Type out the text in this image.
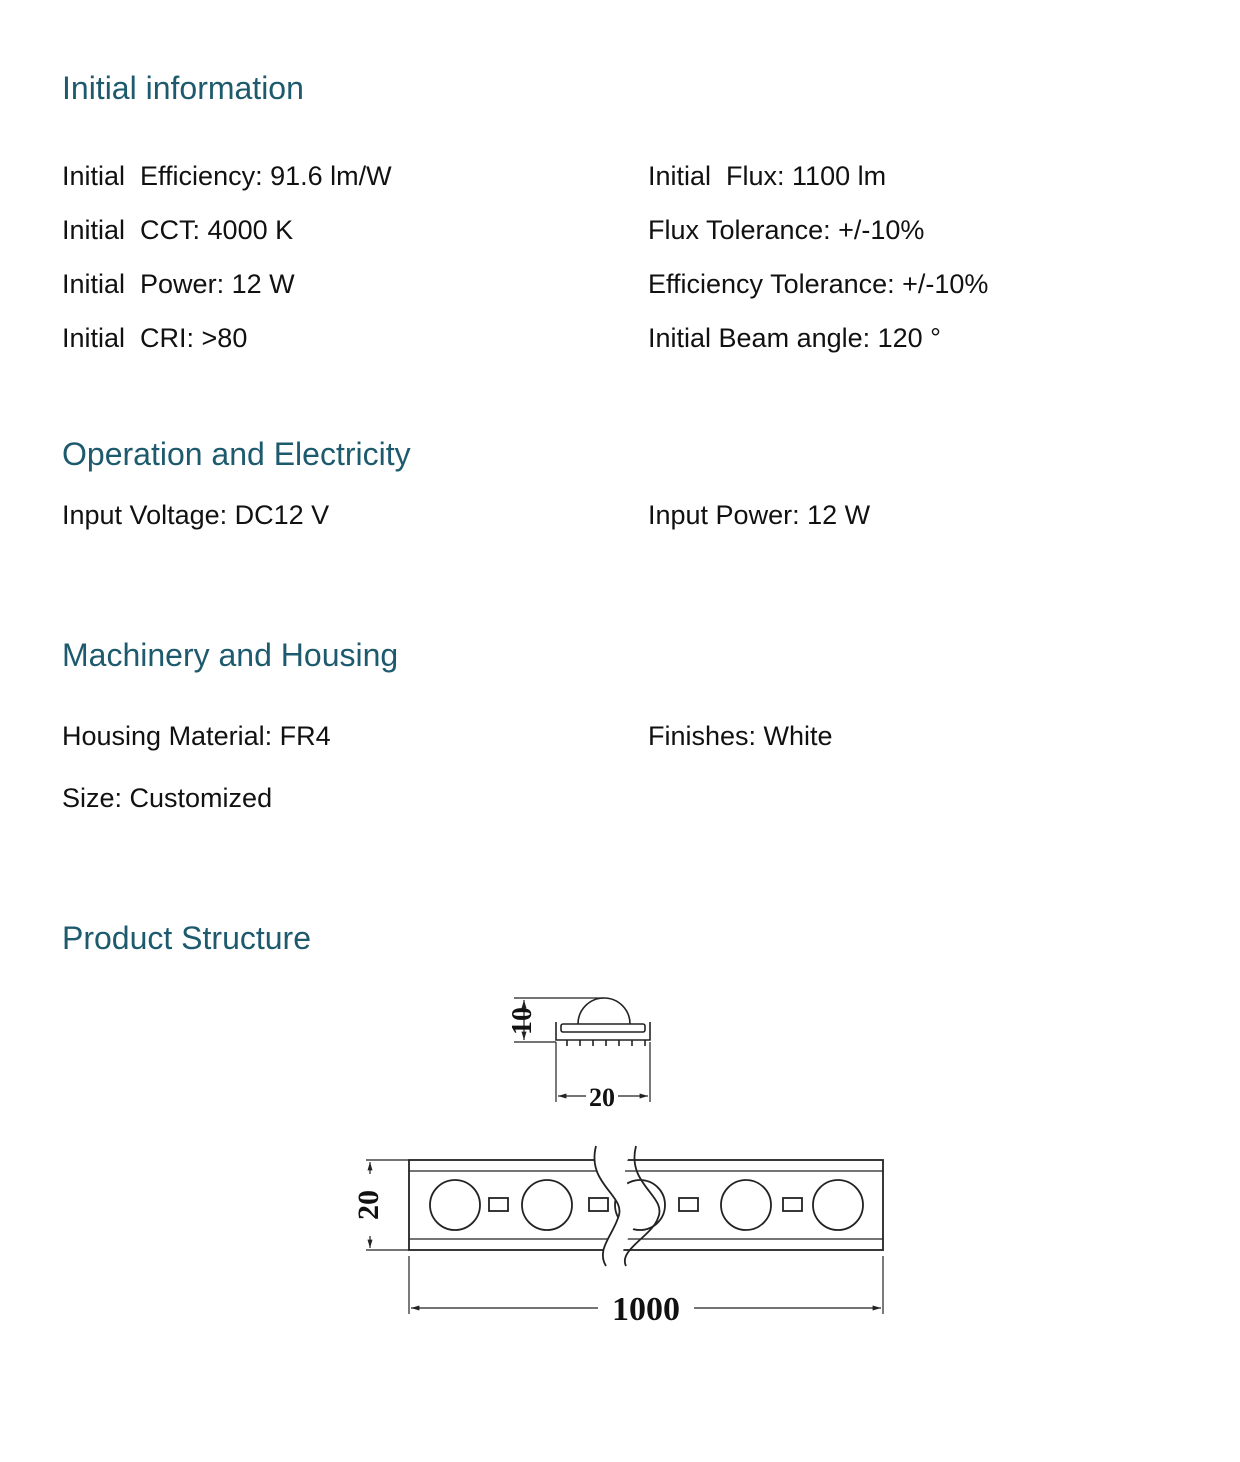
Initial information
Initial  Efficiency: 91.6 lm/W
Initial  CCT: 4000 K
Initial  Power: 12 W
Initial  CRI: >80
Initial  Flux: 1100 lm
Flux Tolerance: +/-10%
Efficiency Tolerance: +/-10%
Initial Beam angle: 120 °
Operation and Electricity
Input Voltage: DC12 V	Input Power: 12 W
Machinery and Housing
Housing Material: FR4
Size: Customized
Finishes: White
Product Structure
10
20
20
1000
